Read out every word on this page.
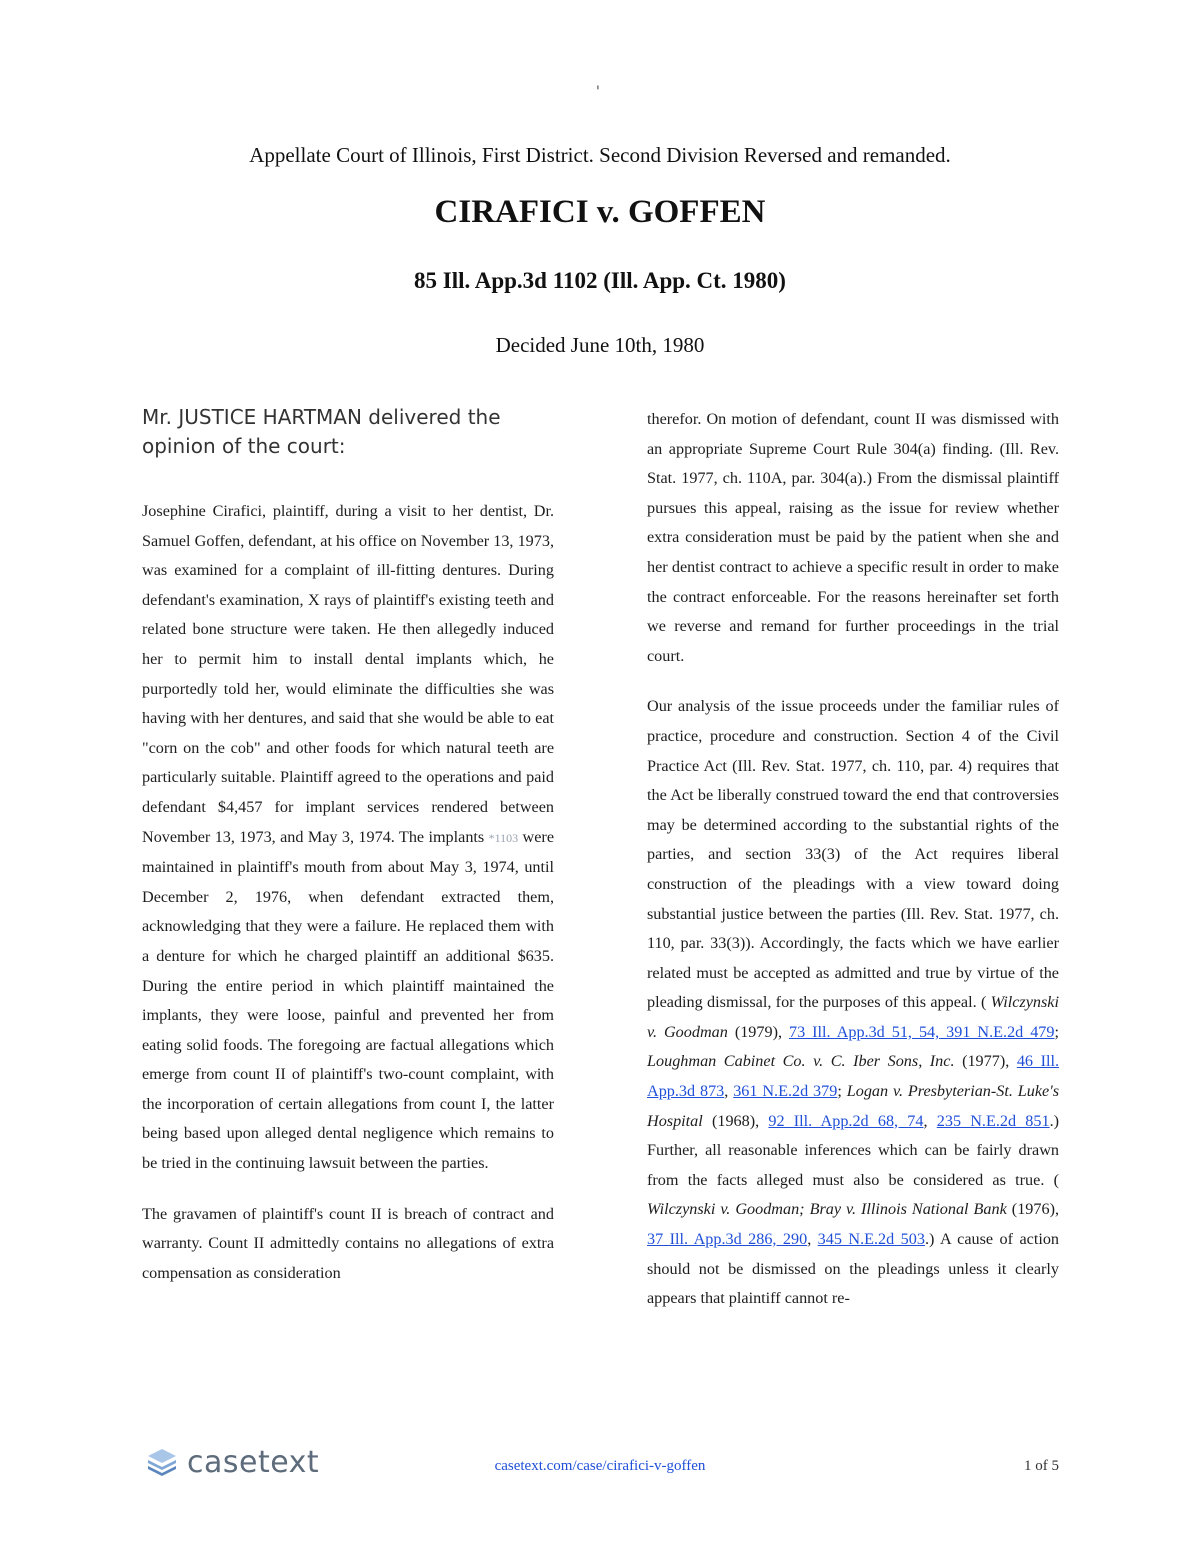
'
Appellate Court of Illinois, First District. Second Division Reversed and remanded.
CIRAFICI v. GOFFEN
85 Ill. App.3d 1102 (Ill. App. Ct. 1980)
Decided June 10th, 1980

Mr. JUSTICE HARTMAN delivered the opinion of the court:

Josephine Cirafici, plaintiff, during a visit to her dentist, Dr. Samuel Goffen, defendant, at his office on November 13, 1973, was examined for a complaint of ill-fitting dentures. During defendant's examination, X rays of plaintiff's existing teeth and related bone structure were taken. He then allegedly induced her to permit him to install dental implants which, he purportedly told her, would eliminate the difficulties she was having with her dentures, and said that she would be able to eat "corn on the cob" and other foods for which natural teeth are particularly suitable. Plaintiff agreed to the operations and paid defendant $4,457 for implant services rendered between November 13, 1973, and May 3, 1974. The implants *1103 were maintained in plaintiff's mouth from about May 3, 1974, until December 2, 1976, when defendant extracted them, acknowledging that they were a failure. He replaced them with a denture for which he charged plaintiff an additional $635. During the entire period in which plaintiff maintained the implants, they were loose, painful and prevented her from eating solid foods. The foregoing are factual allegations which emerge from count II of plaintiff's two-count complaint, with the incorporation of certain allegations from count I, the latter being based upon alleged dental negligence which remains to be tried in the continuing lawsuit between the parties.

The gravamen of plaintiff's count II is breach of contract and warranty. Count II admittedly contains no allegations of extra compensation as consideration

therefor. On motion of defendant, count II was dismissed with an appropriate Supreme Court Rule 304(a) finding. (Ill. Rev. Stat. 1977, ch. 110A, par. 304(a).) From the dismissal plaintiff pursues this appeal, raising as the issue for review whether extra consideration must be paid by the patient when she and her dentist contract to achieve a specific result in order to make the contract enforceable. For the reasons hereinafter set forth we reverse and remand for further proceedings in the trial court.

Our analysis of the issue proceeds under the familiar rules of practice, procedure and construction. Section 4 of the Civil Practice Act (Ill. Rev. Stat. 1977, ch. 110, par. 4) requires that the Act be liberally construed toward the end that controversies may be determined according to the substantial rights of the parties, and section 33(3) of the Act requires liberal construction of the pleadings with a view toward doing substantial justice between the parties (Ill. Rev. Stat. 1977, ch. 110, par. 33(3)). Accordingly, the facts which we have earlier related must be accepted as admitted and true by virtue of the pleading dismissal, for the purposes of this appeal. ( Wilczynski v. Goodman (1979), 73 Ill. App.3d 51, 54, 391 N.E.2d 479; Loughman Cabinet Co. v. C. Iber Sons, Inc. (1977), 46 Ill. App.3d 873, 361 N.E.2d 379; Logan v. Presbyterian-St. Luke's Hospital (1968), 92 Ill. App.2d 68, 74, 235 N.E.2d 851.) Further, all reasonable inferences which can be fairly drawn from the facts alleged must also be considered as true. ( Wilczynski v. Goodman; Bray v. Illinois National Bank (1976), 37 Ill. App.3d 286, 290, 345 N.E.2d 503.) A cause of action should not be dismissed on the pleadings unless it clearly appears that plaintiff cannot re-

casetext	casetext.com/case/cirafici-v-goffen	1 of 5
